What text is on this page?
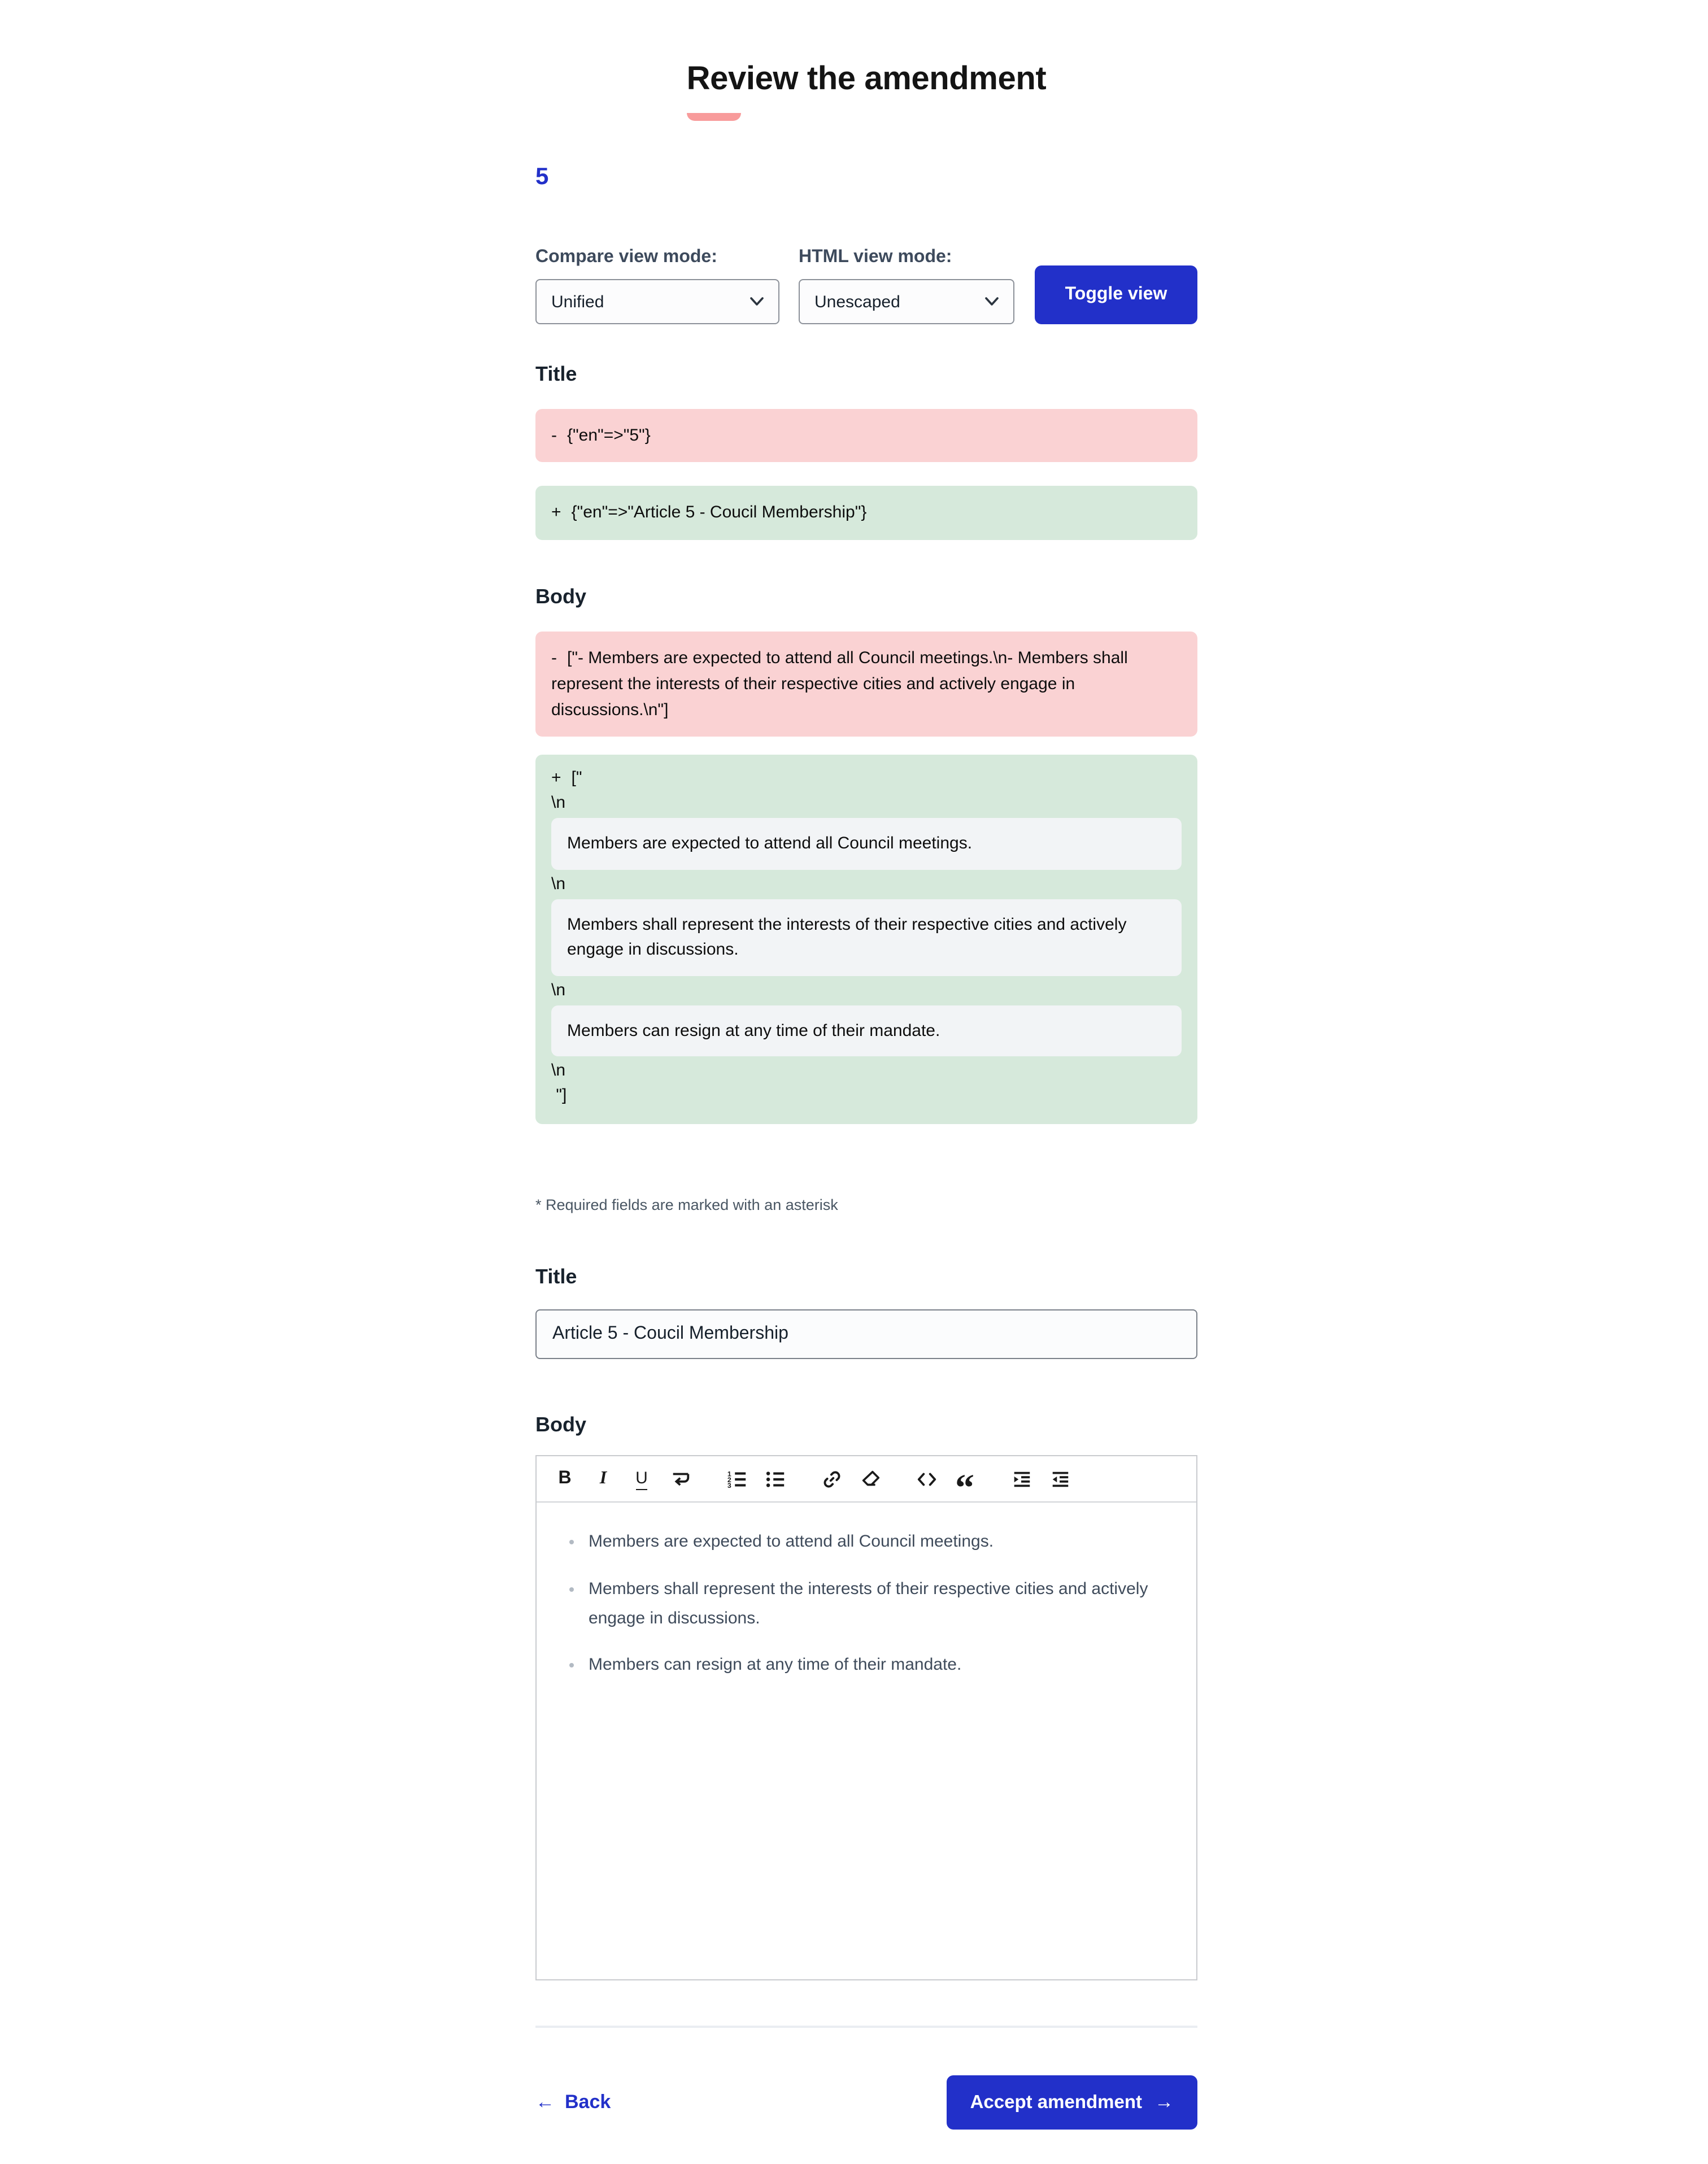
Review the amendment
5
Compare view mode:
Unified
HTML view mode:
Unescaped	Toggle view
Title
- {"en"=>"5"}
+ {"en"=>"Article 5 - Coucil Membership"}
Body
- ["- Members are expected to attend all Council meetings.\n- Members shall represent the interests of their respective cities and actively engage in discussions.\n"]
+ ["
\n
Members are expected to attend all Council meetings.
\n
Members shall represent the interests of their respective cities and actively engage in discussions.
\n
Members can resign at any time of their mandate.
\n
"]
* Required fields are marked with an asterisk
Title
Article 5 - Coucil Membership
Body
B	I	U	1
2
3	“
• Members are expected to attend all Council meetings.
• Members shall represent the interests of their respective cities and actively engage in discussions.
• Members can resign at any time of their mandate.
← Back	Accept amendment →
